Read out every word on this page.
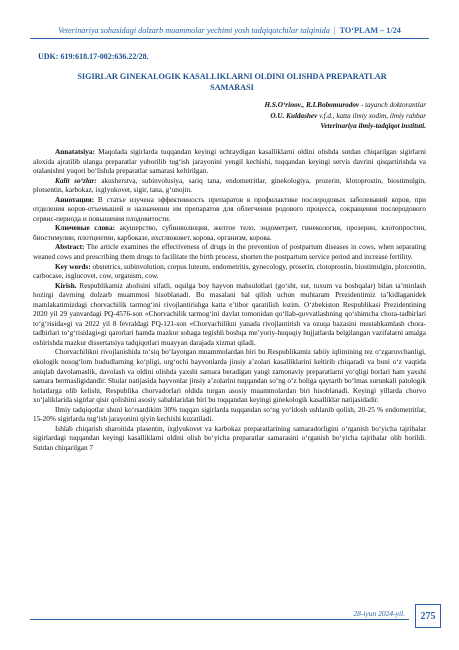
Veterinariya sohasidagi dolzarb muammolar yechimi yosh tadqiqotchilar talqinida | TO‘PLAM – 1/24
UDK: 619:618.17-002:636.22/28.
SIGIRLAR GINEKALOGIK KASALLIKLARNI OLDINI OLISHDA PREPARATLAR SAMARASI
H.S.O‘rinov., R.I.Bobomurodov - tayanch doktorantlar
O.U. Kuldashev v.f.d., katta ilmiy xodim, ilmiy rahbar
Veterinariya ilmiy-tadqiqot instituti.

Annatatsiya: Maqolada sigirlarda tuqqandan keyingi uchraydigan kasalliklarni oldini olishda sutdan chiqarilgan sigirlarni aloxida ajratilib ulanga preparatlar yuborilib tug‘ish jarayonini yengil kechishi, tuqqandan keyingi servis davrini qisqartirishda va otalanishni yuqori bo‘lishda preparatlar samarasi keltirilgan.

Kalit so‘zlar: akusherstva, subinvolusiya, sariq tana, endometritlar, ginekologiya, prozerin, klotoprostin, biostimulgin, plotsentin, karbokaz, ixglyukovet, sigir, tana, g‘unojin.

Аннотация: В статье изучена эффективность препаратов в профилактике послеродовых заболеваний коров, при отделения коров-отъемышей и назначении им препаратов для облегчения родового процесса, сокращения послеродового сервис-периода и повышения плодовитости.

Ключевые слова: акушерство, субинволюция, желтое тело, эндометрит, гинекология, прозерин, клотопростин, биостимулин, плотцентин, карбоказе, ихсглюковет, корова, организм, корова.

Abstract: The article examines the effectiveness of drugs in the prevention of postpartum diseases in cows, when separating weaned cows and prescribing them drugs to facilitate the birth process, shorten the postpartum service period and increase fertility.

Key words: obstetrics, subinvolution, corpus luteum, endometritis, gynecology, proserin, clotoprostin, biostimulgin, plotcentin, carbocase, ixglucovet, cow, organism, cow.

Kirish. Respublikamiz aholisini sifatli, oqsilga boy hayvon mahsulotlari (go‘sht, sut, tuxum va boshqalar) bilan ta’minlash hozirgi davrning dolzarb muammosi hisoblanadi. Bu masalani hal qilish uchun muhtaram Prezidentimiz ta’kidlaganidek mamlakatimizdagi chorvachilik tarmog‘ini rivojlantirishga katta e’tibor qaratilish lozim. O‘zbekiston Respublikasi Prezidentining 2020 yil 29 yanvardagi PQ-4576-son «Chorvachilik tarmog‘ini davlat tomonidan qo‘llab-quvvatlashning qo‘shimcha chora-tadbirlari to‘g‘risida»gi va 2022 yil 8 fevraldagi PQ-121-son «Chorvachilikni yanada rivojlantirish va ozuqa bazasini mustahkamlash chora-tadbirlari to‘g‘risidagi»gi qarorlari hamda mazkur sohaga tegishli boshqa me’yoriy-huquqiy hujjatlarda belgilangan vazifalarni amalga oshirishda mazkur dissertatsiya tadqiqotlari muayyan darajada xizmat qiladi.

Chorvachilikni rivojlanishida to‘siq bo‘layotgan muammolardan biri bu Respublikamiz tabiiy iqlimining tez o‘zgaruvchanligi, ekologik nosog‘lom hududlarning ko‘pligi, urg‘ochi hayvonlarda jinsiy a’zolari kasalliklarini keltirib chiqaradi va buni o‘z vaqtida aniqlab davolamaslik, davolash va oldini olishda yaxshi samara beradigan yangi zamonaviy preparatlarni yo‘qligi borlari ham yaxshi samara bermasligidandir. Shular natijasida hayvonlar jinsiy a’zolarini tuqqandan so‘ng o‘z holiga qaytarib bo‘lmas surunkali patologik holatlarga olib kelishi, Respublika chorvadorlari oldida turgan asosiy muammolardan biri hisoblanadi. Keyingi yillarda chorvo xo‘jaliklarida sigirlar qisir qolishini asosiy sabablaridan biri bu tuqqandan keyingi ginekologik kasalliklar natijasidadir.

Ilmiy tadqiqotlar shuni ko‘rsatdikim 30% tuqqan sigirlarda tuqqandan so‘ng yo‘ldosh ushlanib qolish, 20-25 % endometritlar, 15-20% sigirlarda tug‘ish jarayonini qiyin kechishi kuzatiladi.

Ishlab chiqarish sharoitida plasentin, ixglyukovet va karbokaz preparatlarining samaradorligini o‘rganish bo‘yicha tajribalar sigirlardagi tuqqandan keyingi kasalliklarni oldini olish bo‘yicha preparatlar samarasini o‘rganish bo‘yicha tajribalar olib borildi. Sutdan chiqarilgan 7

28-iyun 2024-yil.	275
